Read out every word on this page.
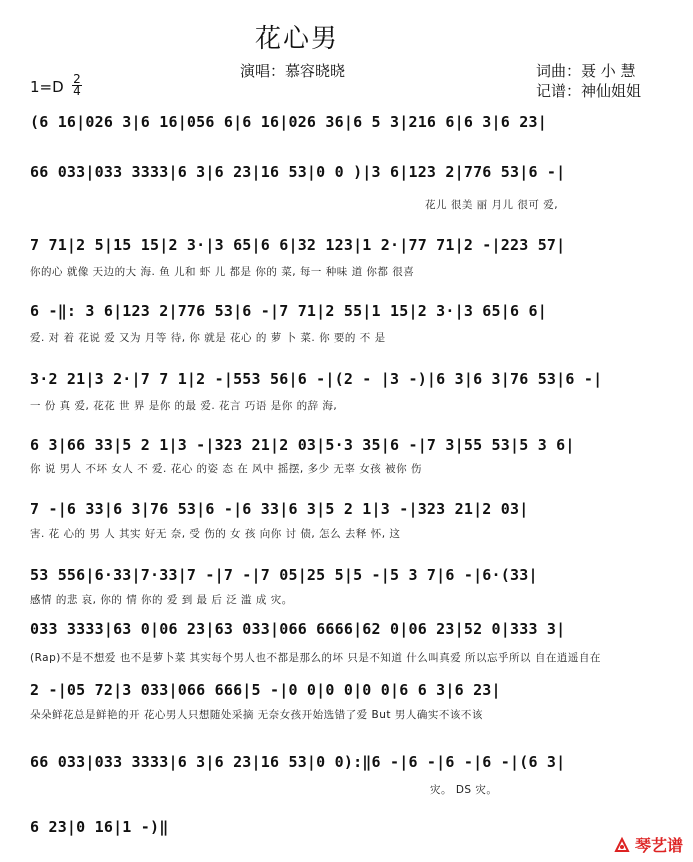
花心男
演唱：慕容晓晓	词曲：聂 小 慧
记谱：神仙姐姐
$1=D \frac{2}{4}$
(6 16|026 3|6 16|056 6|6 16|026 36|6 5 3|216 6|6 3|6 23|
66 033|033 3333|6 3|6 23|16 53|0 0 )|3 6|123 2|776 53|6 -|
花儿 很美 丽 月儿 很可 爱,
7 71|2 5|15 15|2 3·|3 65|6 6|32 123|1 2·|77 71|2 -|223 57|
你的心 就像 天边的大 海. 鱼 儿和 虾 儿 都是 你的 菜, 每一 种味 道 你都 很喜
6 -‖: 3 6|123 2|776 53|6 -|7 71|2 55|1 15|2 3·|3 65|6 6|
爱. 对 着 花说 爱 又为 月等 待, 你 就是 花心 的 萝 卜 菜. 你 要的 不 是
3·2 21|3 2·|7 7 1|2 -|553 56|6 -|(2 - |3 -)|6 3|6 3|76 53|6 -|
一 份 真 爱, 花花 世 界 是你 的最 爱. 花言 巧语 是你 的辞 海,
6 3|66 33|5 2 1|3 -|323 21|2 03|5·3 35|6 -|7 3|55 53|5 3 6|
你 说 男人 不坏 女人 不 爱. 花心 的姿 态 在 风中 摇摆, 多少 无辜 女孩 被你 伤
7 -|6 33|6 3|76 53|6 -|6 33|6 3|5 2 1|3 -|323 21|2 03|
害. 花 心的 男 人 其实 好无 奈, 受 伤的 女 孩 向你 讨 债, 怎么 去释 怀, 这
53 556|6·33|7·33|7 -|7 -|7 05|25 5|5 -|5 3 7|6 -|6·(33|
感情 的悲 哀, 你的 情 你的 爱 到 最 后 泛 滥 成 灾。
033 3333|63 0|06 23|63 033|066 6666|62 0|06 23|52 0|333 3|
(Rap)不是不想爱 也不是萝卜菜 其实每个男人也不都是那么的坏 只是不知道 什么叫真爱 所以忘乎所以 自在逍遥自在
2 -|05 72|3 033|066 666|5 -|0 0|0 0|0 0|6 6 3|6 23|
朵朵鲜花总是鲜艳的开 花心男人只想随处采摘 无奈女孩开始选错了爱 But 男人确实不该不该
66 033|033 3333|6 3|6 23|16 53|0 0):‖6 -|6 -|6 -|6 -|(6 3|
灾。 DS 灾。
6 23|0 16|1 -)‖
琴艺谱
